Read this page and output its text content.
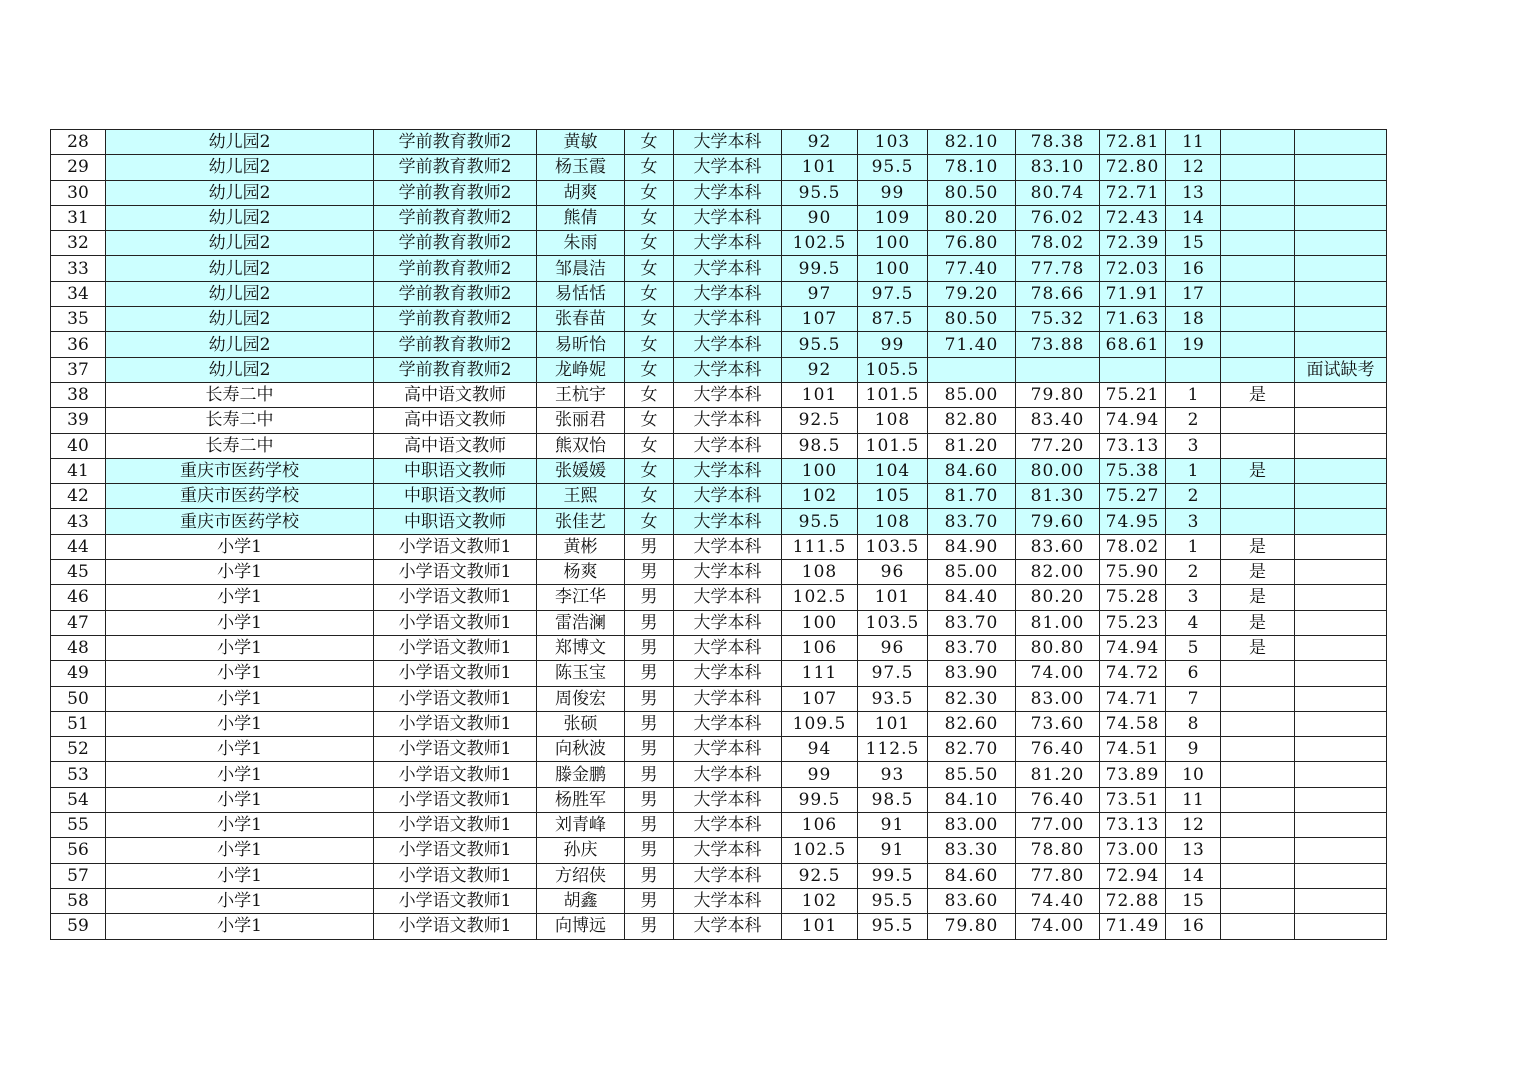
28	幼儿园2	学前教育教师2	黄敏	女	大学本科	92	103	82.10	78.38	72.81	11		
29	幼儿园2	学前教育教师2	杨玉霞	女	大学本科	101	95.5	78.10	83.10	72.80	12		
30	幼儿园2	学前教育教师2	胡爽	女	大学本科	95.5	99	80.50	80.74	72.71	13		
31	幼儿园2	学前教育教师2	熊倩	女	大学本科	90	109	80.20	76.02	72.43	14		
32	幼儿园2	学前教育教师2	朱雨	女	大学本科	102.5	100	76.80	78.02	72.39	15		
33	幼儿园2	学前教育教师2	邹晨洁	女	大学本科	99.5	100	77.40	77.78	72.03	16		
34	幼儿园2	学前教育教师2	易恬恬	女	大学本科	97	97.5	79.20	78.66	71.91	17		
35	幼儿园2	学前教育教师2	张春苗	女	大学本科	107	87.5	80.50	75.32	71.63	18		
36	幼儿园2	学前教育教师2	易昕怡	女	大学本科	95.5	99	71.40	73.88	68.61	19		
37	幼儿园2	学前教育教师2	龙峥妮	女	大学本科	92	105.5						面试缺考
38	长寿二中	高中语文教师	王杭宇	女	大学本科	101	101.5	85.00	79.80	75.21	1	是	
39	长寿二中	高中语文教师	张丽君	女	大学本科	92.5	108	82.80	83.40	74.94	2		
40	长寿二中	高中语文教师	熊双怡	女	大学本科	98.5	101.5	81.20	77.20	73.13	3		
41	重庆市医药学校	中职语文教师	张媛媛	女	大学本科	100	104	84.60	80.00	75.38	1	是	
42	重庆市医药学校	中职语文教师	王熙	女	大学本科	102	105	81.70	81.30	75.27	2		
43	重庆市医药学校	中职语文教师	张佳艺	女	大学本科	95.5	108	83.70	79.60	74.95	3		
44	小学1	小学语文教师1	黄彬	男	大学本科	111.5	103.5	84.90	83.60	78.02	1	是	
45	小学1	小学语文教师1	杨爽	男	大学本科	108	96	85.00	82.00	75.90	2	是	
46	小学1	小学语文教师1	李江华	男	大学本科	102.5	101	84.40	80.20	75.28	3	是	
47	小学1	小学语文教师1	雷浩澜	男	大学本科	100	103.5	83.70	81.00	75.23	4	是	
48	小学1	小学语文教师1	郑博文	男	大学本科	106	96	83.70	80.80	74.94	5	是	
49	小学1	小学语文教师1	陈玉宝	男	大学本科	111	97.5	83.90	74.00	74.72	6		
50	小学1	小学语文教师1	周俊宏	男	大学本科	107	93.5	82.30	83.00	74.71	7		
51	小学1	小学语文教师1	张硕	男	大学本科	109.5	101	82.60	73.60	74.58	8		
52	小学1	小学语文教师1	向秋波	男	大学本科	94	112.5	82.70	76.40	74.51	9		
53	小学1	小学语文教师1	滕金鹏	男	大学本科	99	93	85.50	81.20	73.89	10		
54	小学1	小学语文教师1	杨胜军	男	大学本科	99.5	98.5	84.10	76.40	73.51	11		
55	小学1	小学语文教师1	刘青峰	男	大学本科	106	91	83.00	77.00	73.13	12		
56	小学1	小学语文教师1	孙庆	男	大学本科	102.5	91	83.30	78.80	73.00	13		
57	小学1	小学语文教师1	方绍侠	男	大学本科	92.5	99.5	84.60	77.80	72.94	14		
58	小学1	小学语文教师1	胡鑫	男	大学本科	102	95.5	83.60	74.40	72.88	15		
59	小学1	小学语文教师1	向博远	男	大学本科	101	95.5	79.80	74.00	71.49	16		
